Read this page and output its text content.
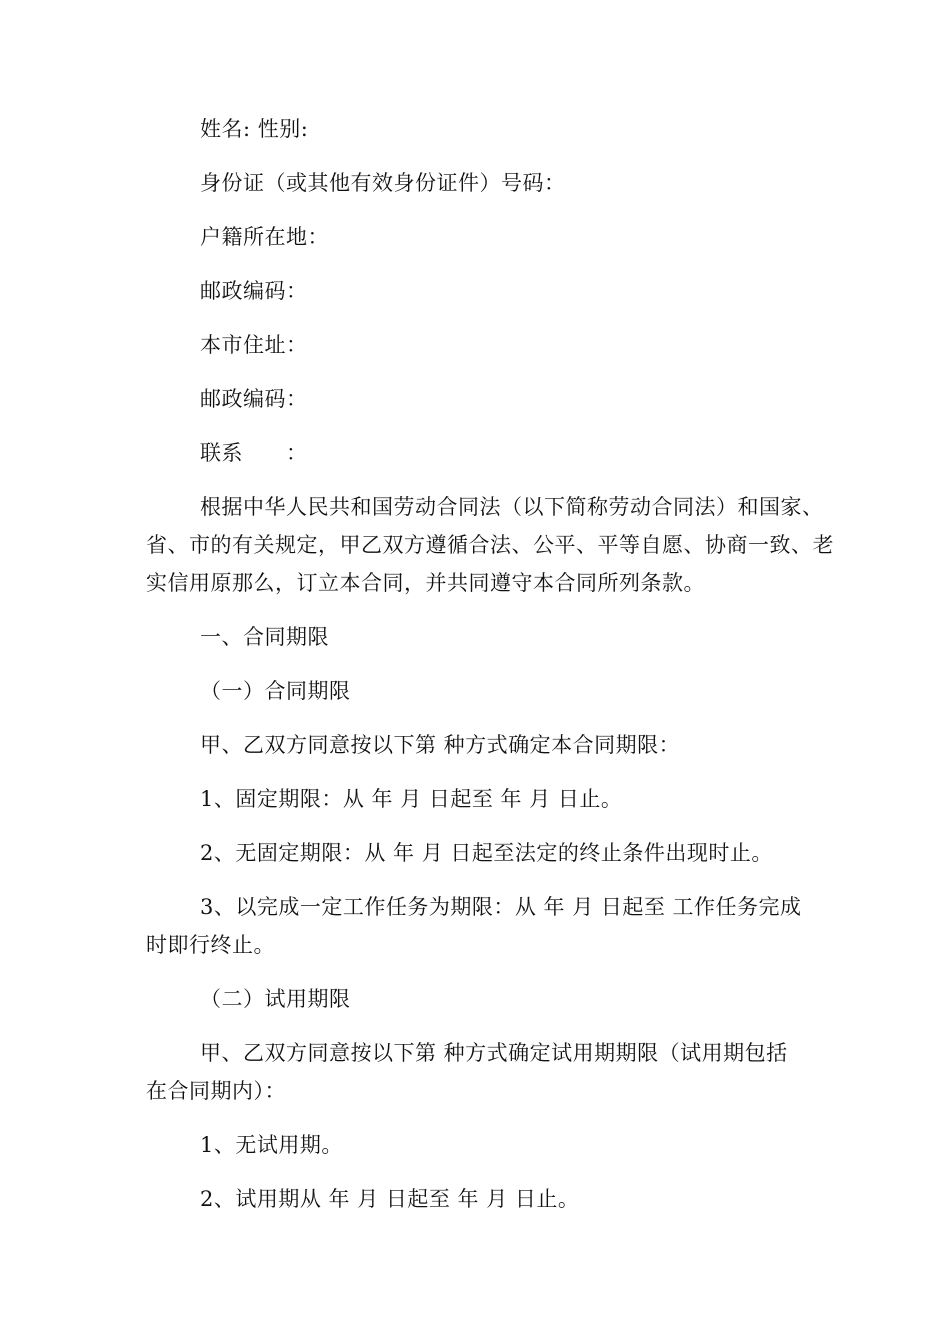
姓名: 性别:

身份证（或其他有效身份证件）号码：

户籍所在地：

邮政编码：

本市住址：

邮政编码：

联系　　：

根据中华人民共和国劳动合同法（以下简称劳动合同法）和国家、省、市的有关规定，甲乙双方遵循合法、公平、平等自愿、协商一致、老实信用原那么，订立本合同，并共同遵守本合同所列条款。

一、合同期限

（一）合同期限

甲、乙双方同意按以下第 种方式确定本合同期限：

1、固定期限：从 年 月 日起至 年 月 日止。

2、无固定期限：从 年 月 日起至法定的终止条件出现时止。

3、以完成一定工作任务为期限：从 年 月 日起至 工作任务完成时即行终止。

（二）试用期限

甲、乙双方同意按以下第 种方式确定试用期期限（试用期包括在合同期内）：

1、无试用期。

2、试用期从 年 月 日起至 年 月 日止。
